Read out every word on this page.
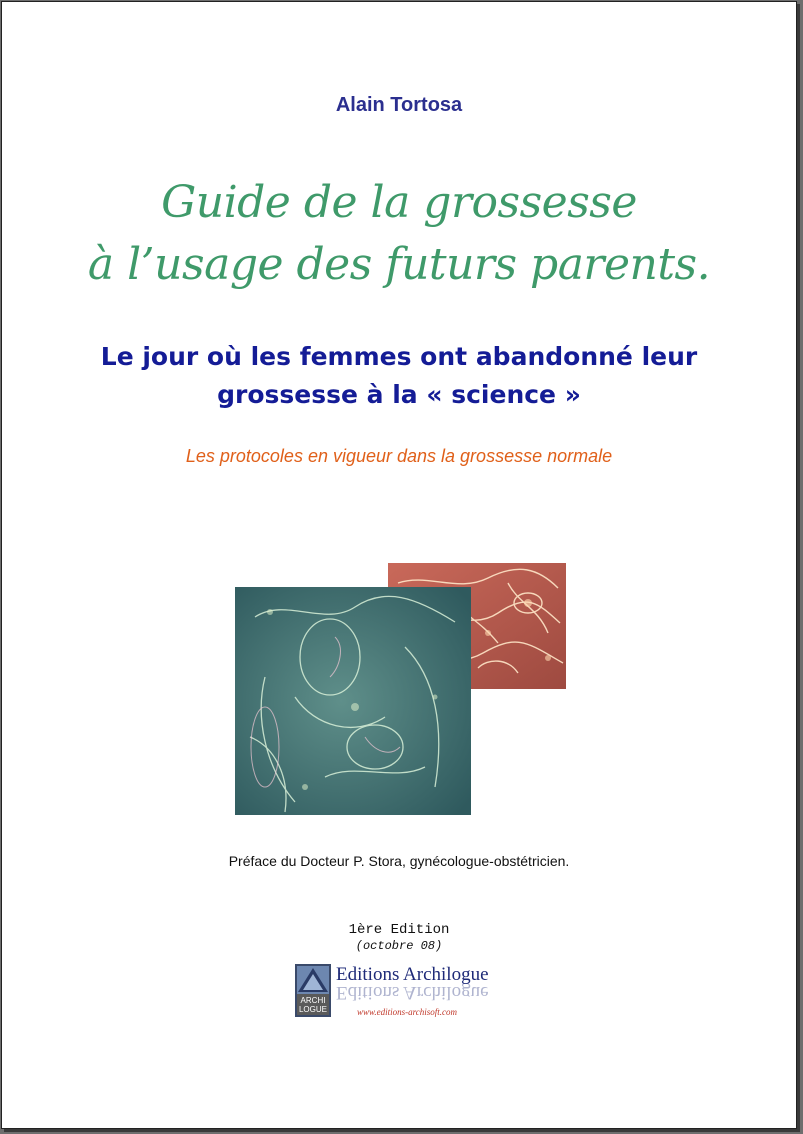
Alain Tortosa
Guide de la grossesse
à l’usage des futurs parents.
Le jour où les femmes ont abandonné leur
grossesse à la « science »
Les protocoles en vigueur dans la grossesse normale
Préface du Docteur P. Stora, gynécologue-obstétricien.
1ère Edition
(octobre 08)
ARCHI
LOGUE
Editions Archilogue
Editions Archilogue
www.editions-archisoft.com
